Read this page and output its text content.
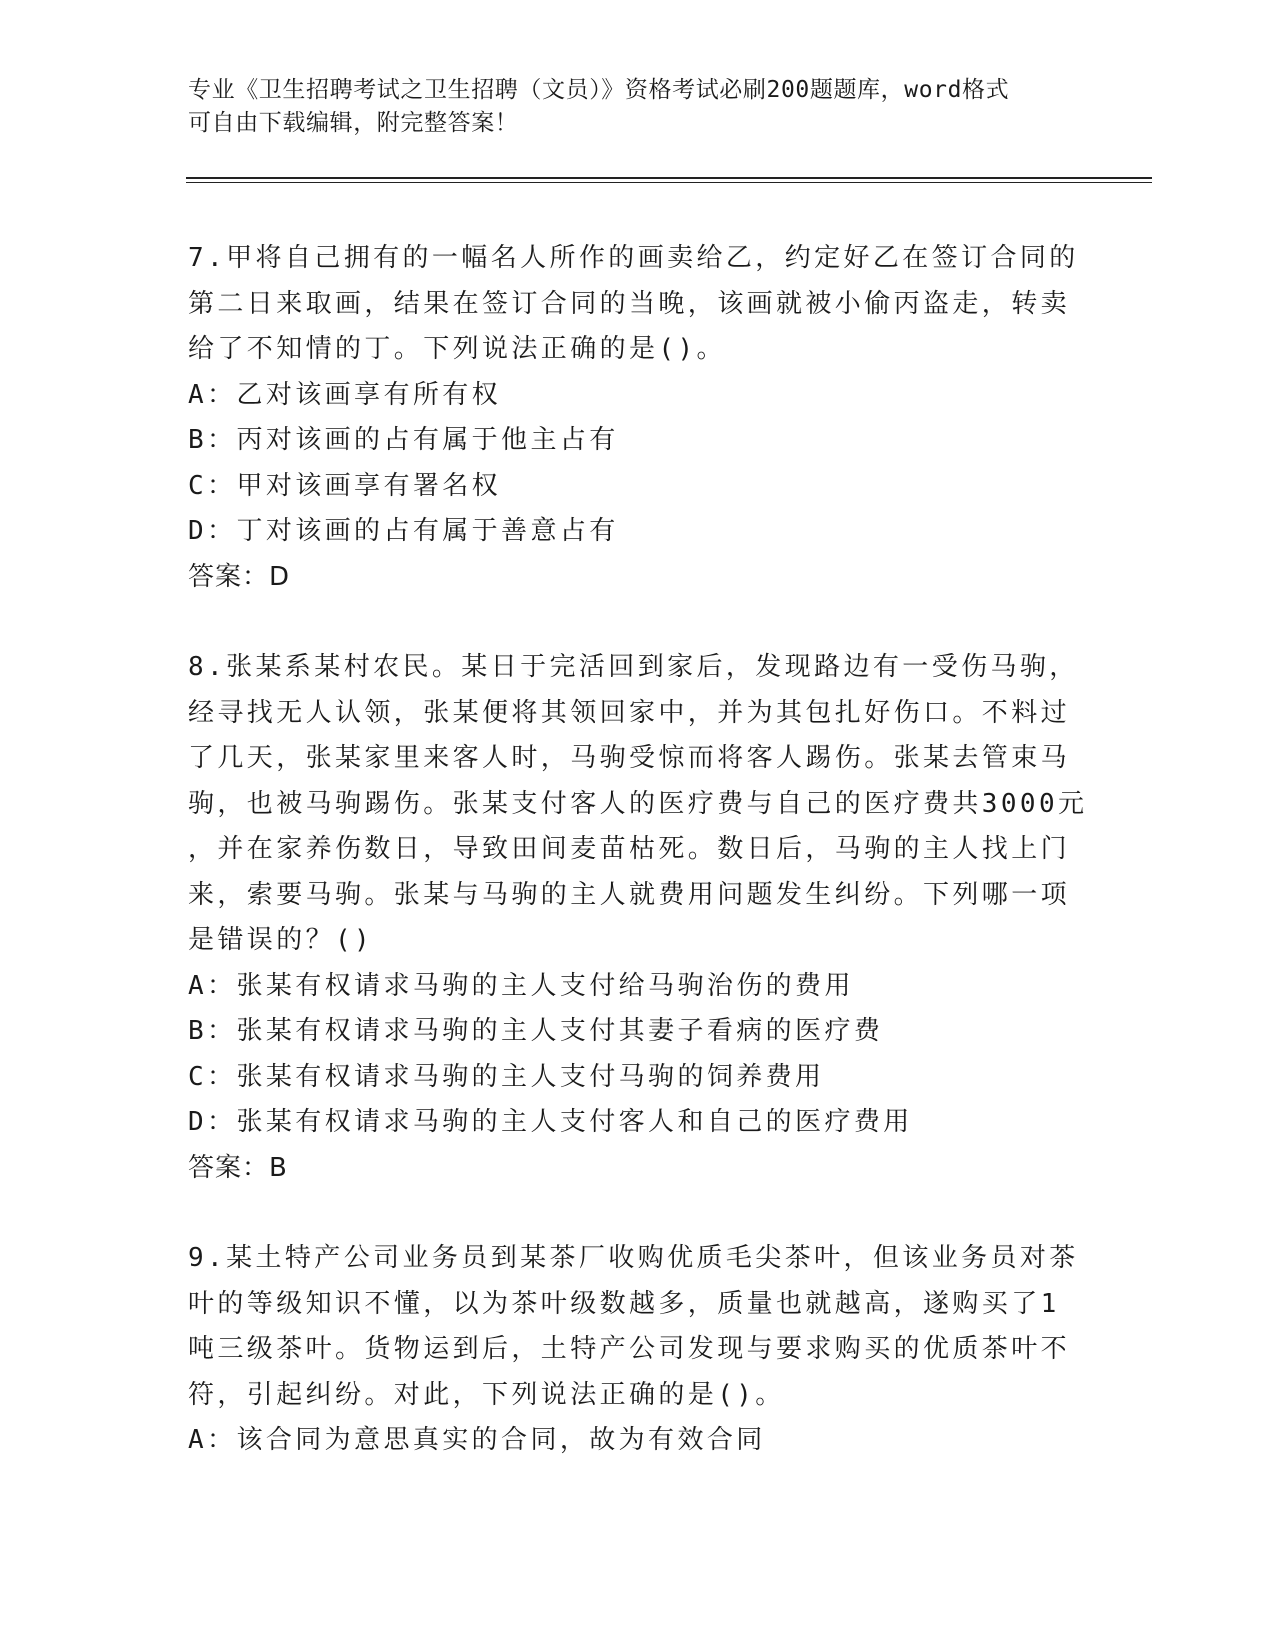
专业《卫生招聘考试之卫生招聘（文员）》资格考试必刷200题题库，word格式
可自由下载编辑，附完整答案！
7.甲将自己拥有的一幅名人所作的画卖给乙，约定好乙在签订合同的
第二日来取画，结果在签订合同的当晚，该画就被小偷丙盗走，转卖
给了不知情的丁。下列说法正确的是()。
A：乙对该画享有所有权
B：丙对该画的占有属于他主占有
C：甲对该画享有署名权
D：丁对该画的占有属于善意占有
答案：D
8.张某系某村农民。某日于完活回到家后，发现路边有一受伤马驹，
经寻找无人认领，张某便将其领回家中，并为其包扎好伤口。不料过
了几天，张某家里来客人时，马驹受惊而将客人踢伤。张某去管束马
驹，也被马驹踢伤。张某支付客人的医疗费与自己的医疗费共3000元
，并在家养伤数日，导致田间麦苗枯死。数日后，马驹的主人找上门
来，索要马驹。张某与马驹的主人就费用问题发生纠纷。下列哪一项
是错误的？()
A：张某有权请求马驹的主人支付给马驹治伤的费用
B：张某有权请求马驹的主人支付其妻子看病的医疗费
C：张某有权请求马驹的主人支付马驹的饲养费用
D：张某有权请求马驹的主人支付客人和自己的医疗费用
答案：B
9.某土特产公司业务员到某茶厂收购优质毛尖茶叶，但该业务员对茶
叶的等级知识不懂，以为茶叶级数越多，质量也就越高，遂购买了1
吨三级茶叶。货物运到后，土特产公司发现与要求购买的优质茶叶不
符，引起纠纷。对此，下列说法正确的是()。
A：该合同为意思真实的合同，故为有效合同
